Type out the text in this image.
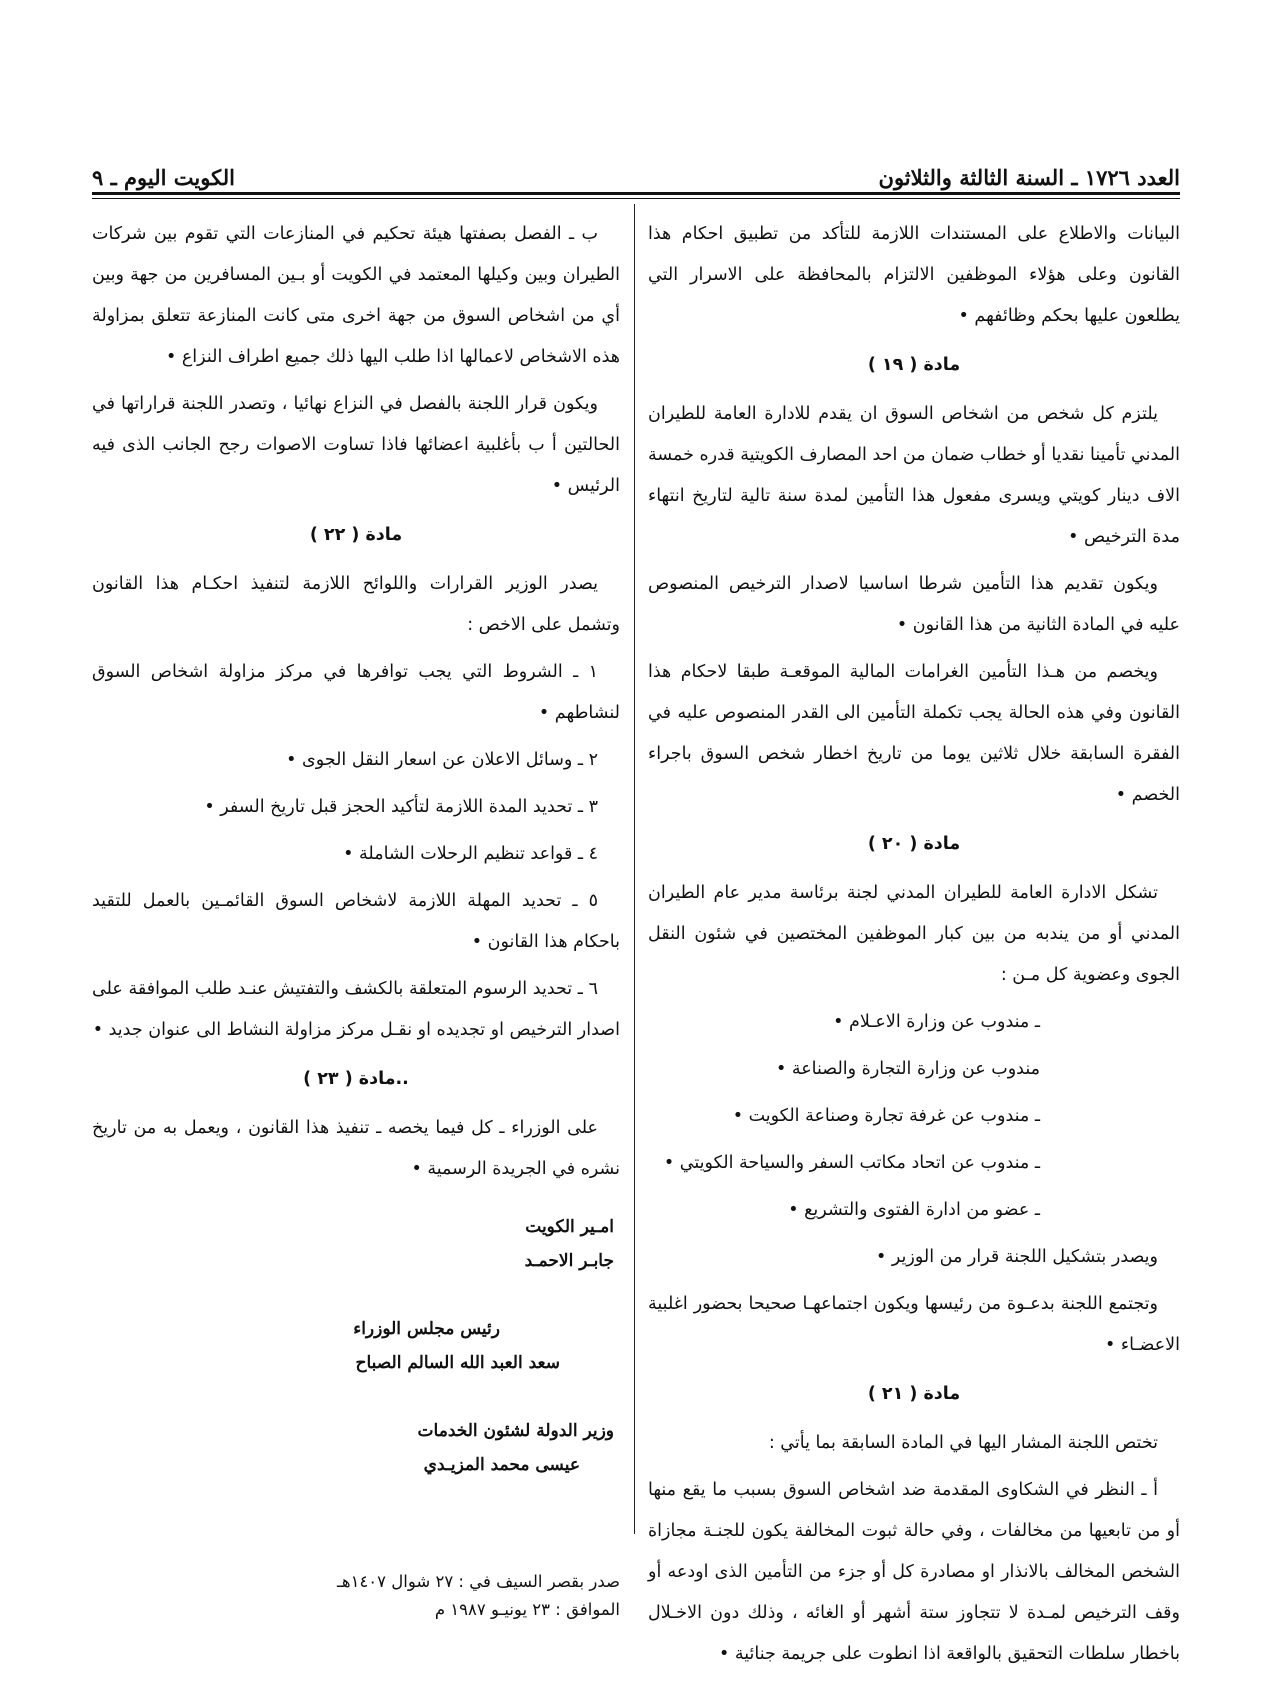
العدد ١٧٢٦ ـ السنة الثالثة والثلاثون
الكويت اليوم ـ ٩

البيانات والاطلاع على المستندات اللازمة للتأكد من تطبيق احكام هذا القانون وعلى هؤلاء الموظفين الالتزام بالمحافظة على الاسرار التي يطلعون عليها بحكم وظائفهم •

مادة ( ١٩ )

يلتزم كل شخص من اشخاص السوق ان يقدم للادارة العامة للطيران المدني تأمينا نقديا أو خطاب ضمان من احد المصارف الكويتية قدره خمسة الاف دينار كويتي ويسرى مفعول هذا التأمين لمدة سنة تالية لتاريخ انتهاء مدة الترخيص •

ويكون تقديم هذا التأمين شرطا اساسيا لاصدار الترخيص المنصوص عليه في المادة الثانية من هذا القانون •

ويخصم من هـذا التأمين الغرامات المالية الموقعـة طبقا لاحكام هذا القانون وفي هذه الحالة يجب تكملة التأمين الى القدر المنصوص عليه في الفقرة السابقة خلال ثلاثين يوما من تاريخ اخطار شخص السوق باجراء الخصم •

مادة ( ٢٠ )

تشكل الادارة العامة للطيران المدني لجنة برئاسة مدير عام الطيران المدني أو من يندبه من بين كبار الموظفين المختصين في شئون النقل الجوى وعضوية كل مـن :

ـ مندوب عن وزارة الاعـلام •

مندوب عن وزارة التجارة والصناعة •

ـ مندوب عن غرفة تجارة وصناعة الكويت •

ـ مندوب عن اتحاد مكاتب السفر والسياحة الكويتي •

ـ عضو من ادارة الفتوى والتشريع •

ويصدر بتشكيل اللجنة قرار من الوزير •

وتجتمع اللجنة بدعـوة من رئيسها ويكون اجتماعهـا صحيحا بحضور اغلبية الاعضـاء •

مادة ( ٢١ )

تختص اللجنة المشار اليها في المادة السابقة بما يأتي :

أ ـ النظر في الشكاوى المقدمة ضد اشخاص السوق بسبب ما يقع منها أو من تابعيها من مخالفات ، وفي حالة ثبوت المخالفة يكون للجنـة مجازاة الشخص المخالف بالانذار او مصادرة كل أو جزء من التأمين الذى اودعه أو وقف الترخيص لمـدة لا تتجاوز ستة أشهر أو الغائه ، وذلك دون الاخـلال باخطار سلطات التحقيق بالواقعة اذا انطوت على جريمة جنائية •

ب ـ الفصل بصفتها هيئة تحكيم في المنازعات التي تقوم بين شركات الطيران وبين وكيلها المعتمد في الكويت أو بـين المسافرين من جهة وبين أي من اشخاص السوق من جهة اخرى متى كانت المنازعة تتعلق بمزاولة هذه الاشخاص لاعمالها اذا طلب اليها ذلك جميع اطراف النزاع •

ويكون قرار اللجنة بالفصل في النزاع نهائيا ، وتصدر اللجنة قراراتها في الحالتين أ ب بأغلبية اعضائها فاذا تساوت الاصوات رجح الجانب الذى فيه الرئيس •

مادة ( ٢٢ )

يصدر الوزير القرارات واللوائح اللازمة لتنفيذ احكـام هذا القانون وتشمل على الاخص :

١ ـ الشروط التي يجب توافرها في مركز مزاولة اشخاص السوق لنشاطهم •

٢ ـ وسائل الاعلان عن اسعار النقل الجوى •

٣ ـ تحديد المدة اللازمة لتأكيد الحجز قبل تاريخ السفر •

٤ ـ قواعد تنظيم الرحلات الشاملة •

٥ ـ تحديد المهلة اللازمة لاشخاص السوق القائمـين بالعمل للتقيد باحكام هذا القانون •

٦ ـ تحديد الرسوم المتعلقة بالكشف والتفتيش عنـد طلب الموافقة على اصدار الترخيص او تجديده او نقـل مركز مزاولة النشاط الى عنوان جديد •

..مادة ( ٢٣ )

على الوزراء ـ كل فيما يخصه ـ تنفيذ هذا القانون ، ويعمل به من تاريخ نشره في الجريدة الرسمية •

امـير الكويت
جابـر الاحمـد
رئيس مجلس الوزراء
سعد العبد الله السالم الصباح
وزير الدولة لشئون الخدمات
عيسى محمد المزيـدي
صدر بقصر السيف في : ٢٧ شوال ١٤٠٧هـ
الموافق : ٢٣ يونيـو ١٩٨٧ م
